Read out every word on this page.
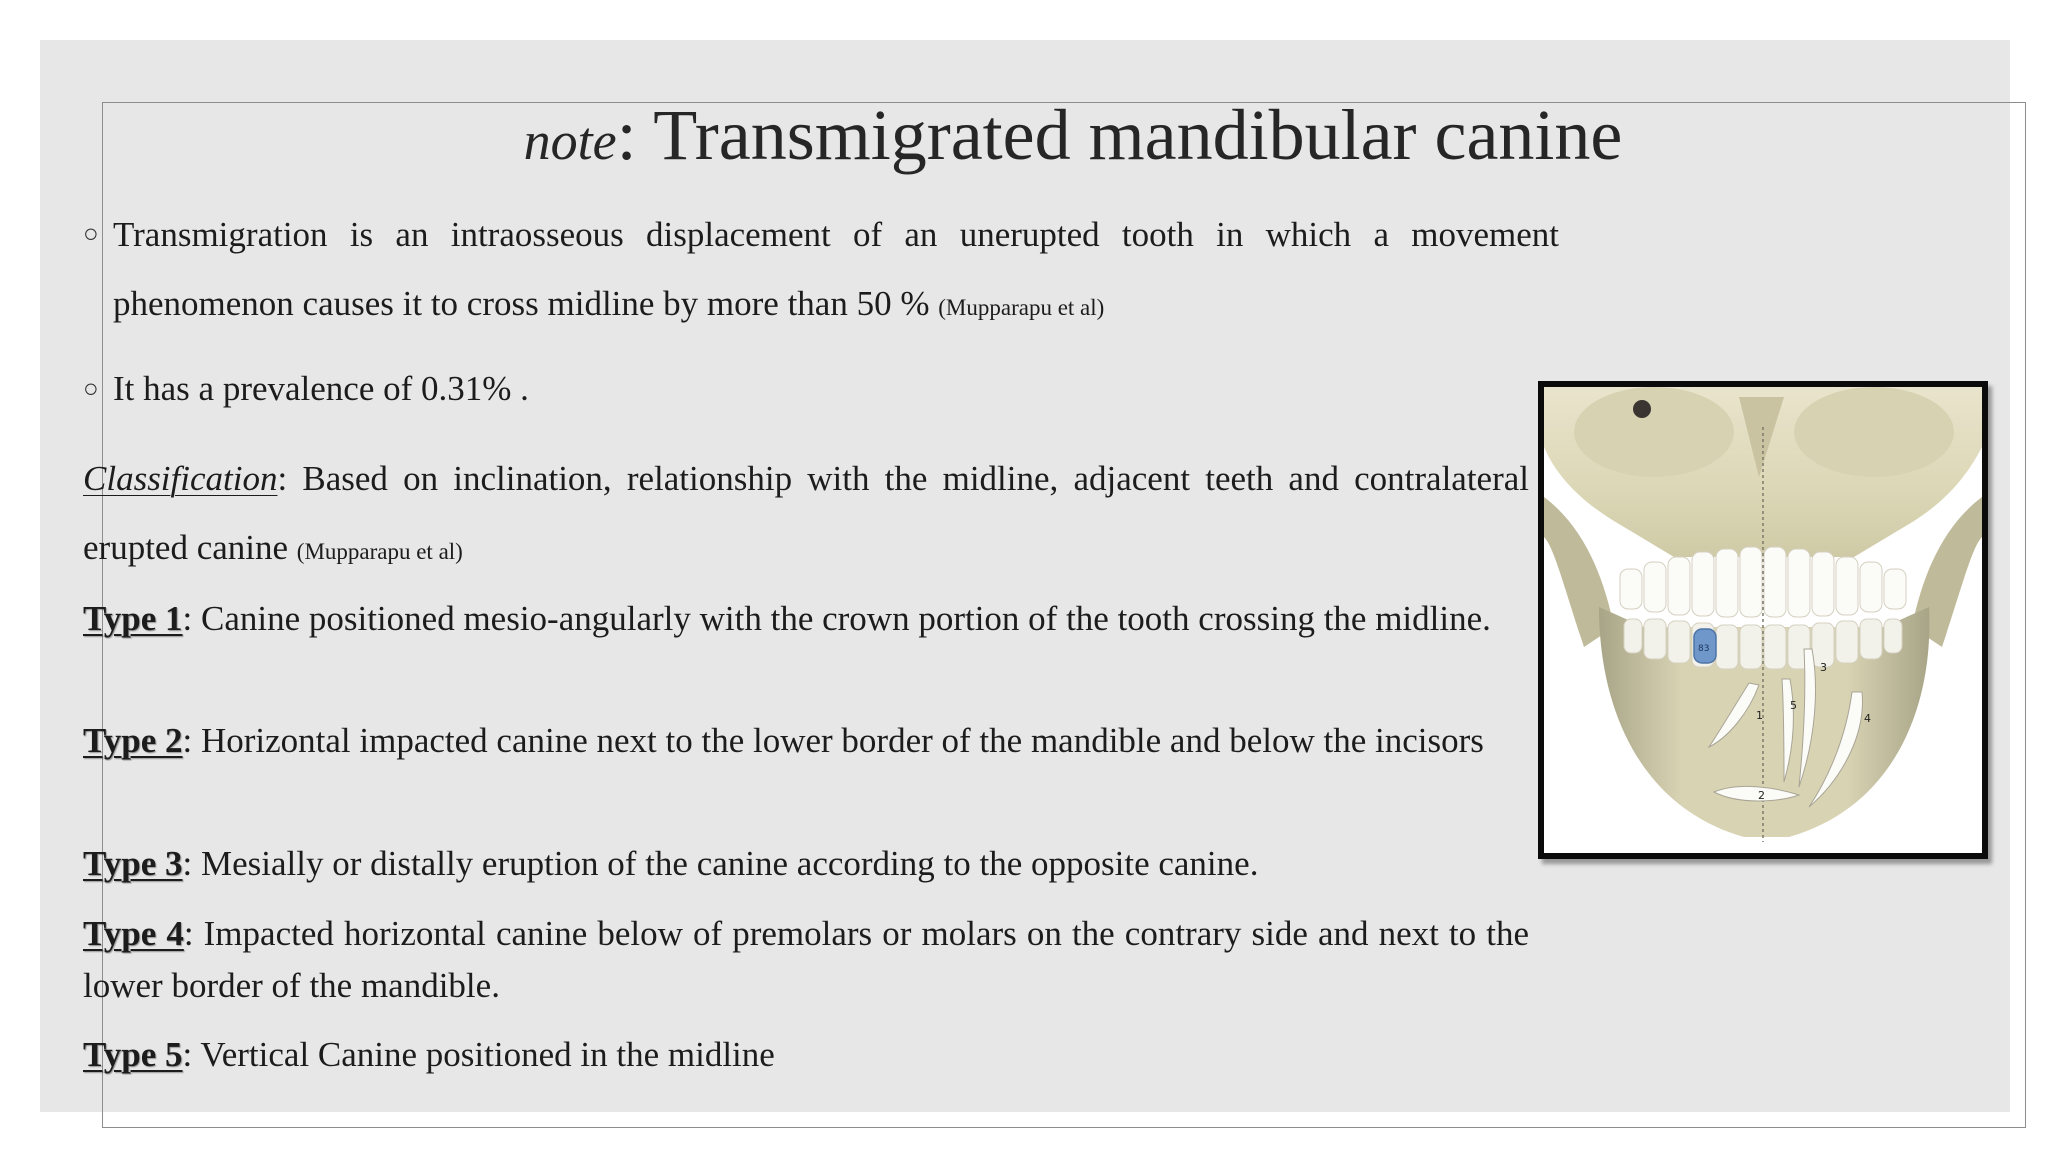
note: Transmigrated mandibular canine
○ Transmigration is an intraosseous displacement of an unerupted tooth in which a movement phenomenon causes it to cross midline by more than 50 % (Mupparapu et al)
○ It has a prevalence of 0.31% .
Classification: Based on inclination, relationship with the midline, adjacent teeth and contralateral erupted canine (Mupparapu et al)
Type 1: Canine positioned mesio-angularly with the crown portion of the tooth crossing the midline.
Type 2: Horizontal impacted canine next to the lower border of the mandible and below the incisors
Type 3: Mesially or distally eruption of the canine according to the opposite canine.
Type 4: Impacted horizontal canine below of premolars or molars on the contrary side and next to the lower border of the mandible.
Type 5: Vertical Canine positioned in the midline
83
1
2
3
4
5
